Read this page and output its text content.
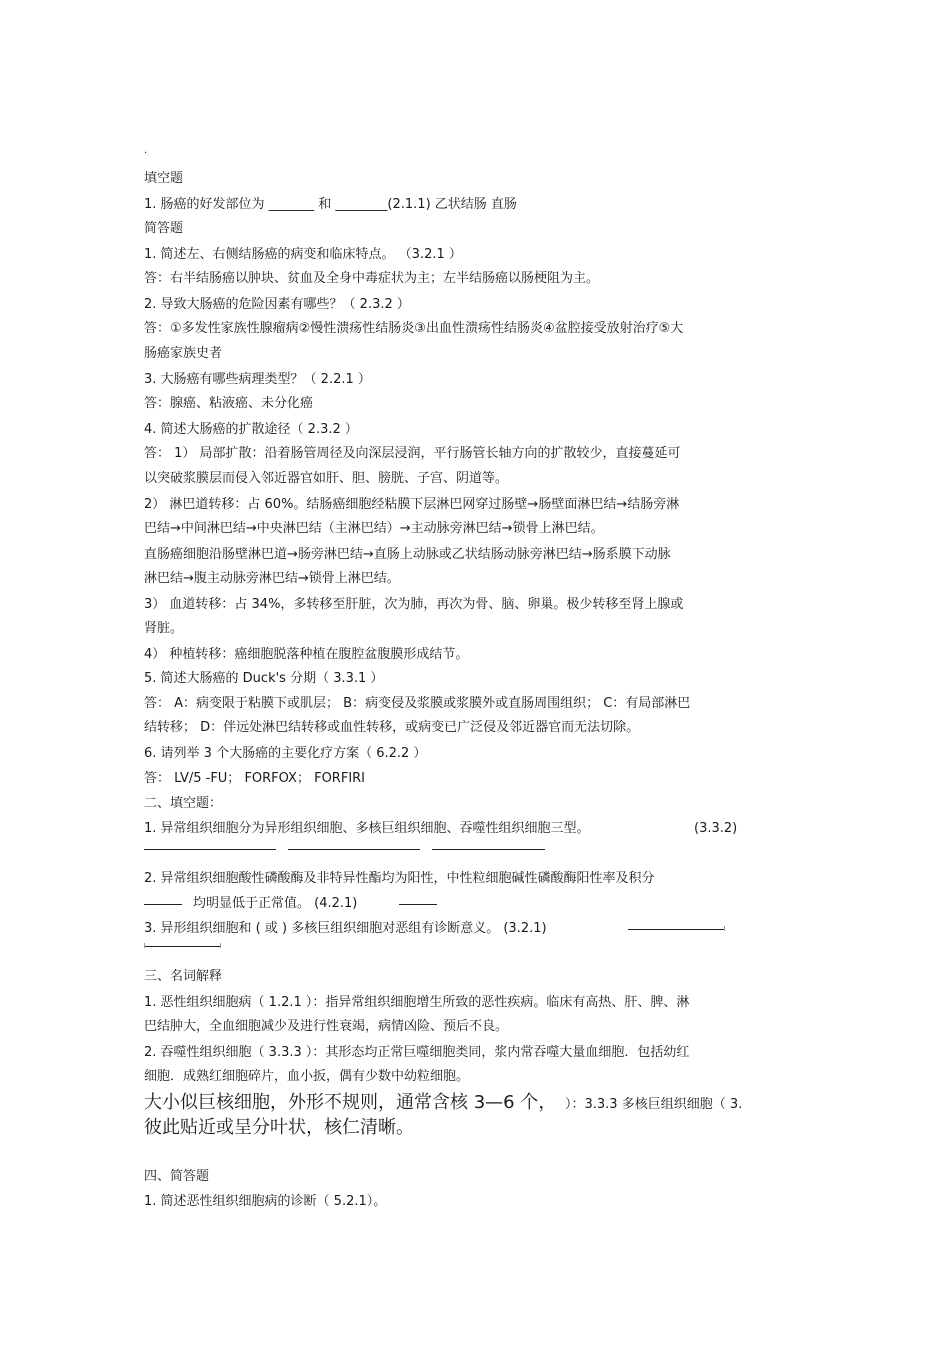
·
填空题
1. 肠癌的好发部位为 _______ 和 ________(2.1.1) 乙状结肠 直肠
简答题
1. 简述左、右侧结肠癌的病变和临床特点。 （3.2.1 ）
答：右半结肠癌以肿块、贫血及全身中毒症状为主；左半结肠癌以肠梗阻为主。
2. 导致大肠癌的危险因素有哪些？（ 2.3.2 ）
答：①多发性家族性腺瘤病②慢性溃疡性结肠炎③出血性溃疡性结肠炎④盆腔接受放射治疗⑤大
肠癌家族史者
3. 大肠癌有哪些病理类型？（ 2.2.1 ）
答：腺癌、粘液癌、未分化癌
4. 简述大肠癌的扩散途径（ 2.3.2 ）
答： 1） 局部扩散：沿着肠管周径及向深层浸润，平行肠管长轴方向的扩散较少，直接蔓延可
以突破浆膜层而侵入邻近器官如肝、胆、膀胱、子宫、阴道等。
2） 淋巴道转移：占 60%。结肠癌细胞经粘膜下层淋巴网穿过肠壁→肠壁面淋巴结→结肠旁淋
巴结→中间淋巴结→中央淋巴结（主淋巴结）→主动脉旁淋巴结→锁骨上淋巴结。
直肠癌细胞沿肠壁淋巴道→肠旁淋巴结→直肠上动脉或乙状结肠动脉旁淋巴结→肠系膜下动脉
淋巴结→腹主动脉旁淋巴结→锁骨上淋巴结。
3） 血道转移：占 34%，多转移至肝脏，次为肺，再次为骨、脑、卵巢。极少转移至肾上腺或
肾脏。
4） 种植转移：癌细胞脱落种植在腹腔盆腹膜形成结节。
5. 简述大肠癌的 Duck's 分期（ 3.3.1 ）
答： A：病变限于粘膜下或肌层； B：病变侵及浆膜或浆膜外或直肠周围组织； C：有局部淋巴
结转移； D：伴远处淋巴结转移或血性转移，或病变已广泛侵及邻近器官而无法切除。
6. 请列举 3 个大肠癌的主要化疗方案（ 6.2.2 ）
答： LV/5 -FU； FORFOX； FORFIRI
二、填空题：
1. 异常组织细胞分为异形组织细胞、多核巨组织细胞、吞噬性组织细胞三型。	(3.3.2)
2. 异常组织细胞酸性磷酸酶及非特异性酯均为阳性，中性粒细胞碱性磷酸酶阳性率及积分
均明显低于正常值。 (4.2.1)
3. 异形组织细胞和 ( 或 ) 多核巨组织细胞对恶组有诊断意义。 (3.2.1)
三、名词解释
1. 恶性组织细胞病（ 1.2.1 ）：指异常组织细胞增生所致的恶性疾病。临床有高热、肝、脾、淋
巴结肿大，全血细胞减少及进行性衰竭，病情凶险、预后不良。
2. 吞噬性组织细胞（ 3.3.3 ）：其形态均正常巨噬细胞类同，浆内常吞噬大量血细胞．包括幼红
细胞．成熟红细胞碎片，血小扳，偶有少数中幼粒细胞。
大小似巨核细胞，外形不规则，通常含核 3—6 个， ）：3.3.3 多核巨组织细胞（ 3.
彼此贴近或呈分叶状，核仁清晰。
四、简答题
1. 简述恶性组织细胞病的诊断（ 5.2.1）。
